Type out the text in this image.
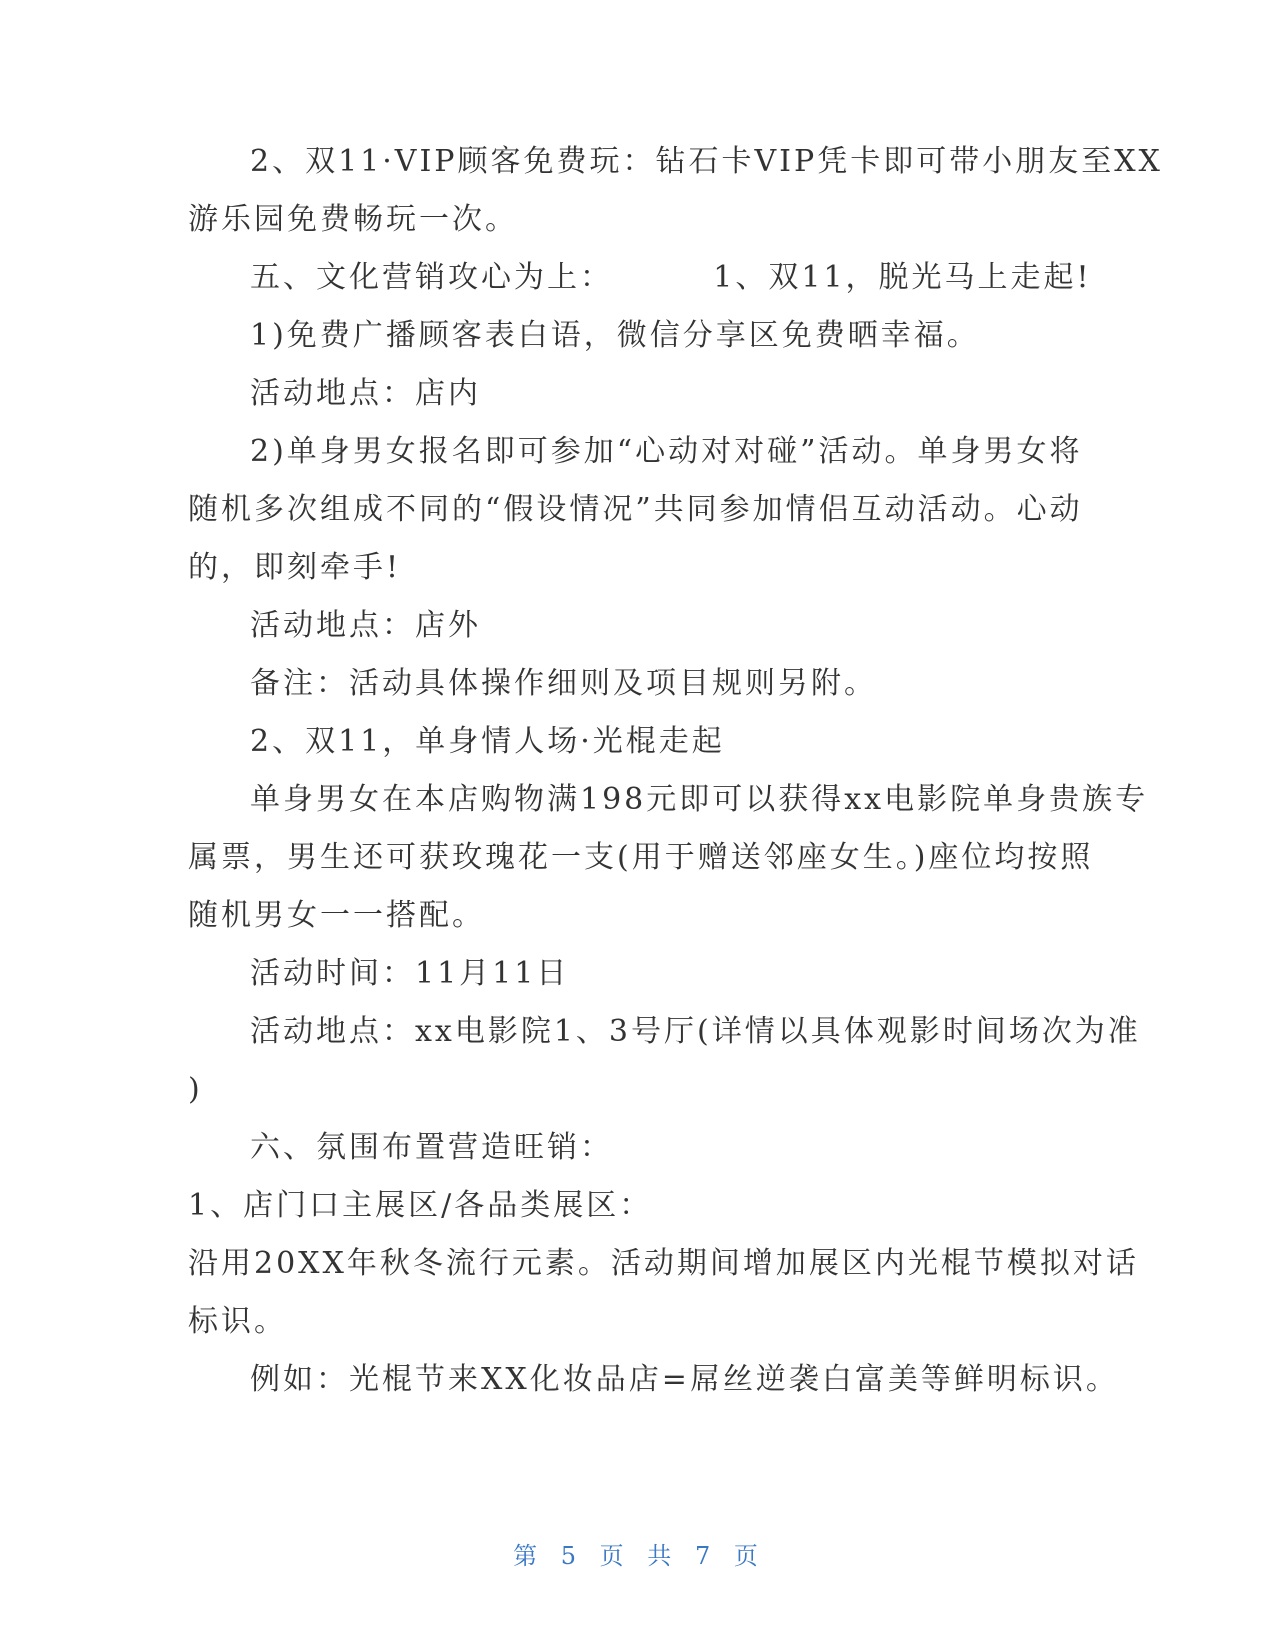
2、双11·VIP顾客免费玩：钻石卡VIP凭卡即可带小朋友至XX
游乐园免费畅玩一次。
五、文化营销攻心为上：        1、双11，脱光马上走起!
1)免费广播顾客表白语，微信分享区免费晒幸福。
活动地点：店内
2)单身男女报名即可参加“心动对对碰”活动。单身男女将
随机多次组成不同的“假设情况”共同参加情侣互动活动。心动
的，即刻牵手!
活动地点：店外
备注：活动具体操作细则及项目规则另附。
2、双11，单身情人场·光棍走起
单身男女在本店购物满198元即可以获得xx电影院单身贵族专
属票，男生还可获玫瑰花一支(用于赠送邻座女生。)座位均按照
随机男女一一搭配。
活动时间：11月11日
活动地点：xx电影院1、3号厅(详情以具体观影时间场次为准
)
六、氛围布置营造旺销：
1、店门口主展区/各品类展区：
沿用20XX年秋冬流行元素。活动期间增加展区内光棍节模拟对话
标识。
例如：光棍节来XX化妆品店=屌丝逆袭白富美等鲜明标识。
第 5 页 共 7 页
